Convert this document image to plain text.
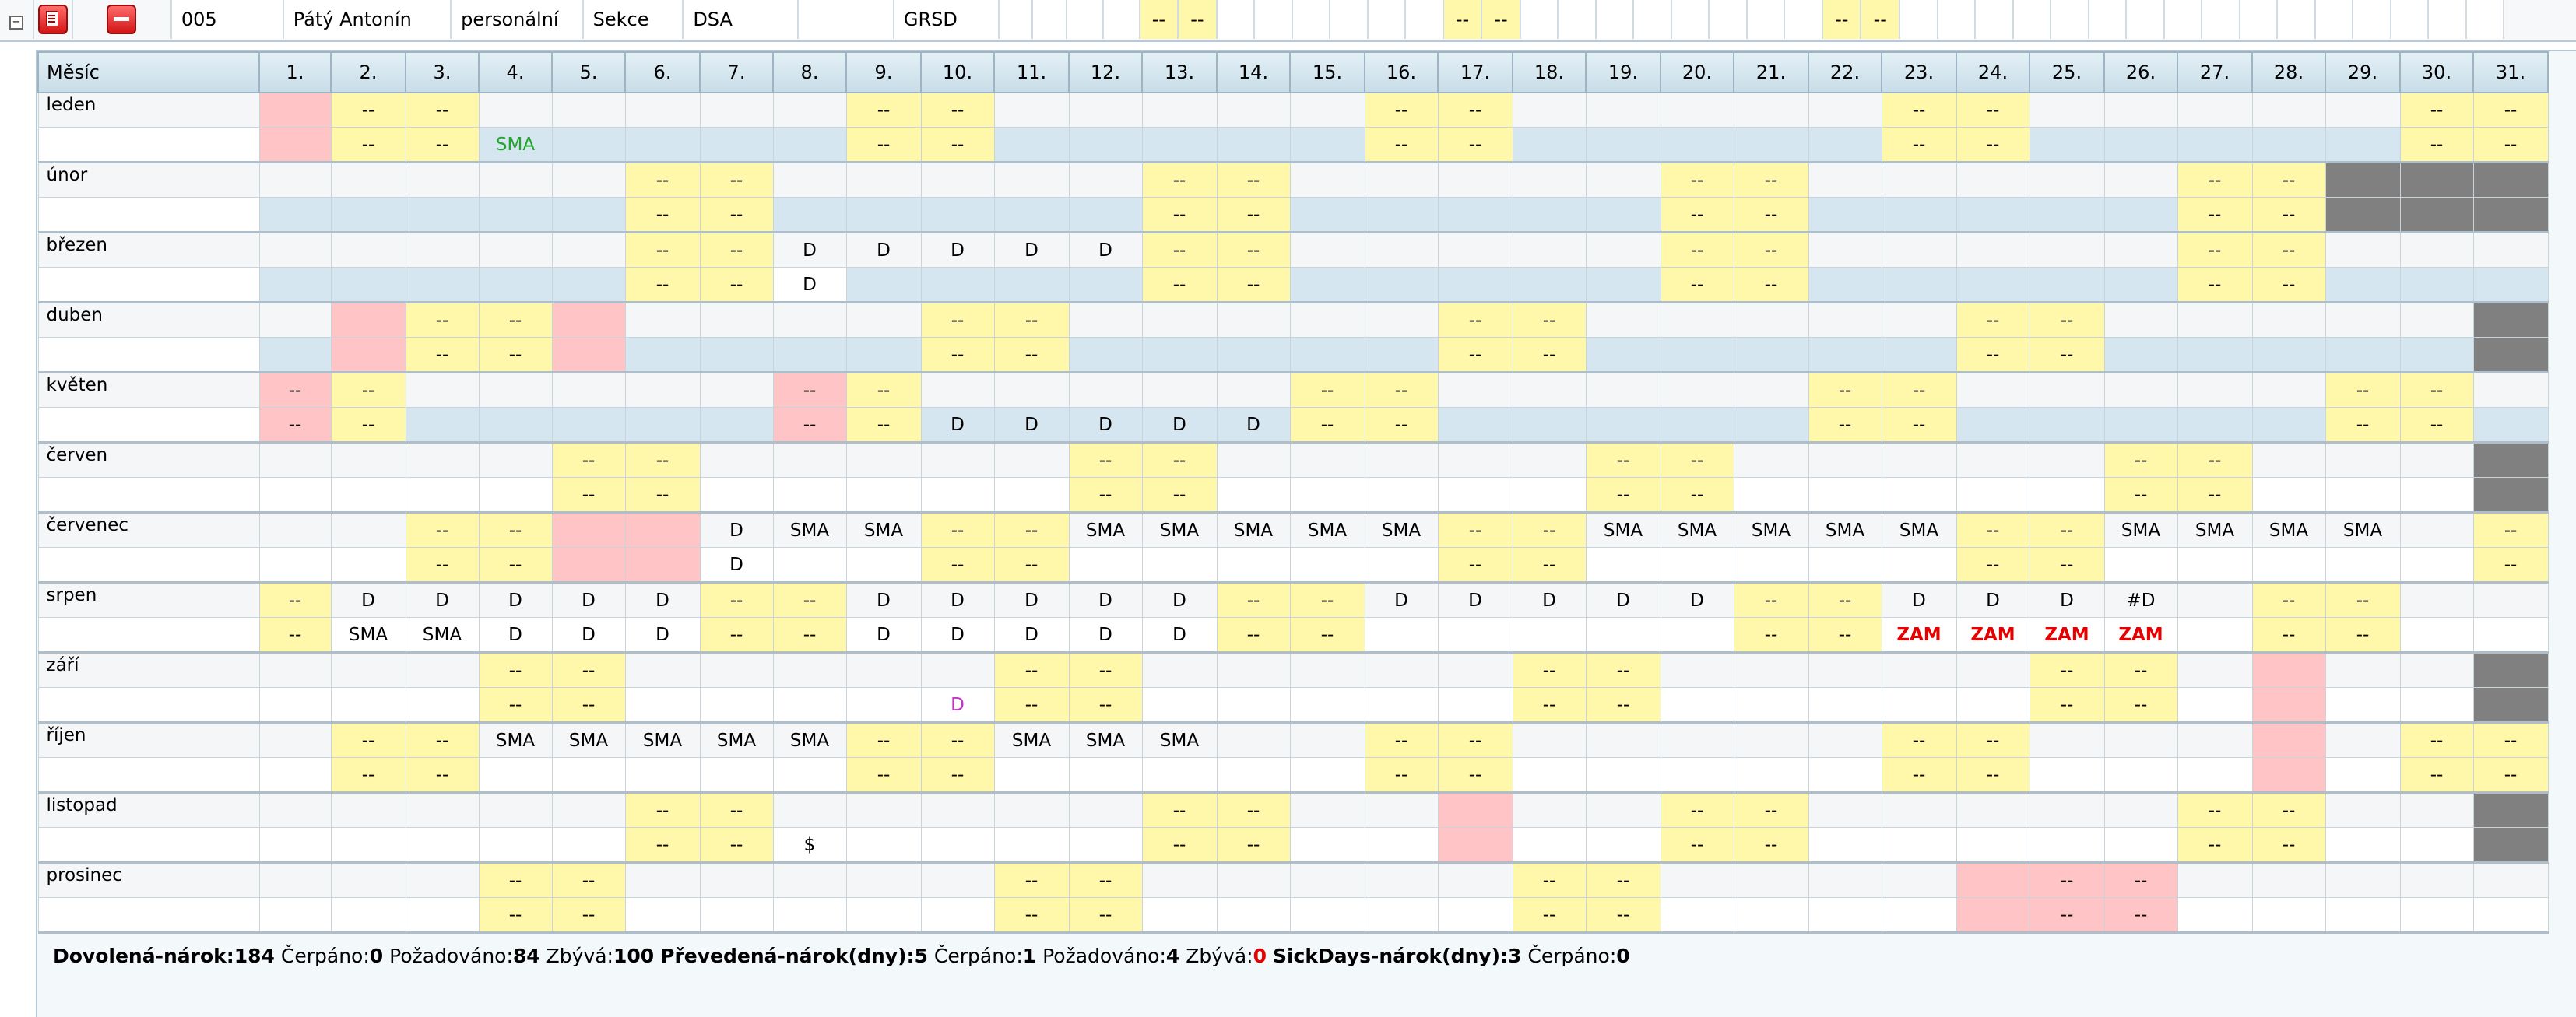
−			005	Pátý Antonín	personální	Sekce	DSA		GRSD					--	--							--	--									--	--																
Měsíc	1.	2.	3.	4.	5.	6.	7.	8.	9.	10.	11.	12.	13.	14.	15.	16.	17.	18.	19.	20.	21.	22.	23.	24.	25.	26.	27.	28.	29.	30.	31.
leden		--	--						--	--						--	--						--	--						--	--
		--	--	SMA					--	--						--	--						--	--						--	--
únor						--	--						--	--						--	--						--	--			
						--	--						--	--						--	--						--	--			
březen						--	--	D	D	D	D	D	--	--						--	--						--	--			
						--	--	D					--	--						--	--						--	--			
duben			--	--						--	--						--	--						--	--						
			--	--						--	--						--	--						--	--						
květen	--	--						--	--						--	--						--	--						--	--	
	--	--						--	--	D	D	D	D	D	--	--						--	--						--	--	
červen					--	--						--	--						--	--						--	--				
					--	--						--	--						--	--						--	--				
červenec			--	--			D	SMA	SMA	--	--	SMA	SMA	SMA	SMA	SMA	--	--	SMA	SMA	SMA	SMA	SMA	--	--	SMA	SMA	SMA	SMA		--
			--	--			D			--	--						--	--						--	--						--
srpen	--	D	D	D	D	D	--	--	D	D	D	D	D	--	--	D	D	D	D	D	--	--	D	D	D	#D		--	--		
	--	SMA	SMA	D	D	D	--	--	D	D	D	D	D	--	--						--	--	ZAM	ZAM	ZAM	ZAM		--	--		
září				--	--						--	--						--	--						--	--					
				--	--					D	--	--						--	--						--	--					
říjen		--	--	SMA	SMA	SMA	SMA	SMA	--	--	SMA	SMA	SMA			--	--						--	--						--	--
		--	--						--	--						--	--						--	--						--	--
listopad						--	--						--	--						--	--						--	--			
						--	--	$					--	--						--	--						--	--			
prosinec				--	--						--	--						--	--						--	--					
				--	--						--	--						--	--						--	--					
Dovolená-nárok:184 Čerpáno:0 Požadováno:84 Zbývá:100 Převedená-nárok(dny):5 Čerpáno:1 Požadováno:4 Zbývá:0 SickDays-nárok(dny):3 Čerpáno:0
